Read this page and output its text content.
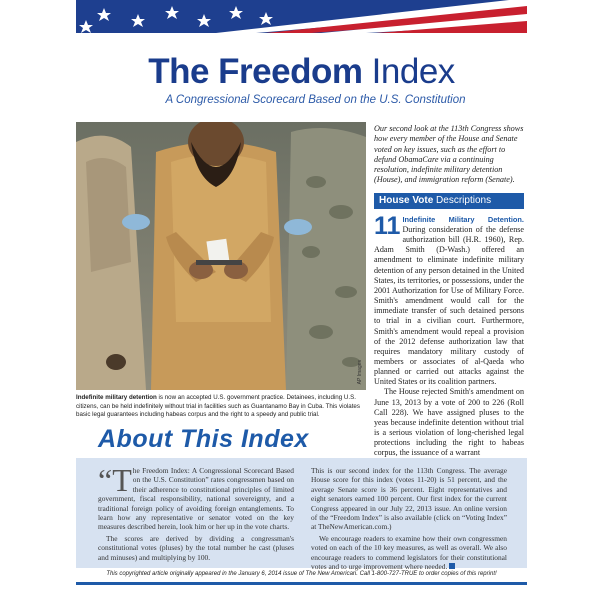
The Freedom Index
A Congressional Scorecard Based on the U.S. Constitution
AP Images
Indefinite military detention is now an accepted U.S. government practice. Detainees, including U.S. citizens, can be held indefinitely without trial in facilities such as Guantanamo Bay in Cuba. This violates basic legal guarantees including habeas corpus and the right to a speedy and public trial.
Our second look at the 113th Congress shows how every member of the House and Senate voted on key issues, such as the effort to defund ObamaCare via a continuing resolution, indefinite military detention (House), and immigration reform (Senate).
House Vote Descriptions
11 Indefinite Military Detention. During consideration of the defense authorization bill (H.R. 1960), Rep. Adam Smith (D-Wash.) offered an amendment to eliminate indefinite military detention of any person detained in the United States, its territories, or possessions, under the 2001 Authorization for Use of Military Force. Smith's amendment would call for the immediate transfer of such detained persons to trial in a civilian court. Furthermore, Smith's amendment would repeal a provision of the 2012 defense authorization law that requires mandatory military custody of members or associates of al-Qaeda who planned or carried out attacks against the United States or its coalition partners.
The House rejected Smith's amendment on June 13, 2013 by a vote of 200 to 226 (Roll Call 228). We have assigned pluses to the yeas because indefinite detention without trial is a serious violation of long-cherished legal protections including the right to habeas corpus, the issuance of a warrant
About This Index

“The Freedom Index: A Congressional Scorecard Based on the U.S. Constitution” rates congressmen based on their adherence to constitutional principles of limited government, fiscal responsibility, national sovereignty, and a traditional foreign policy of avoiding foreign entanglements. To learn how any representative or senator voted on the key measures described herein, look him or her up in the vote charts.

The scores are derived by dividing a congressman's constitutional votes (pluses) by the total number he cast (pluses and minuses) and multiplying by 100.

This is our second index for the 113th Congress. The average House score for this index (votes 11-20) is 51 percent, and the average Senate score is 36 percent. Eight representatives and eight senators earned 100 percent. Our first index for the current Congress appeared in our July 22, 2013 issue. An online version of the “Freedom Index” is also available (click on “Voting Index” at TheNewAmerican.com.)

We encourage readers to examine how their own congressmen voted on each of the 10 key measures, as well as overall. We also encourage readers to commend legislators for their constitutional votes and to urge improvement where needed.

This copyrighted article originally appeared in the January 6, 2014 issue of The New American. Call 1-800-727-TRUE to order copies of this reprint!
